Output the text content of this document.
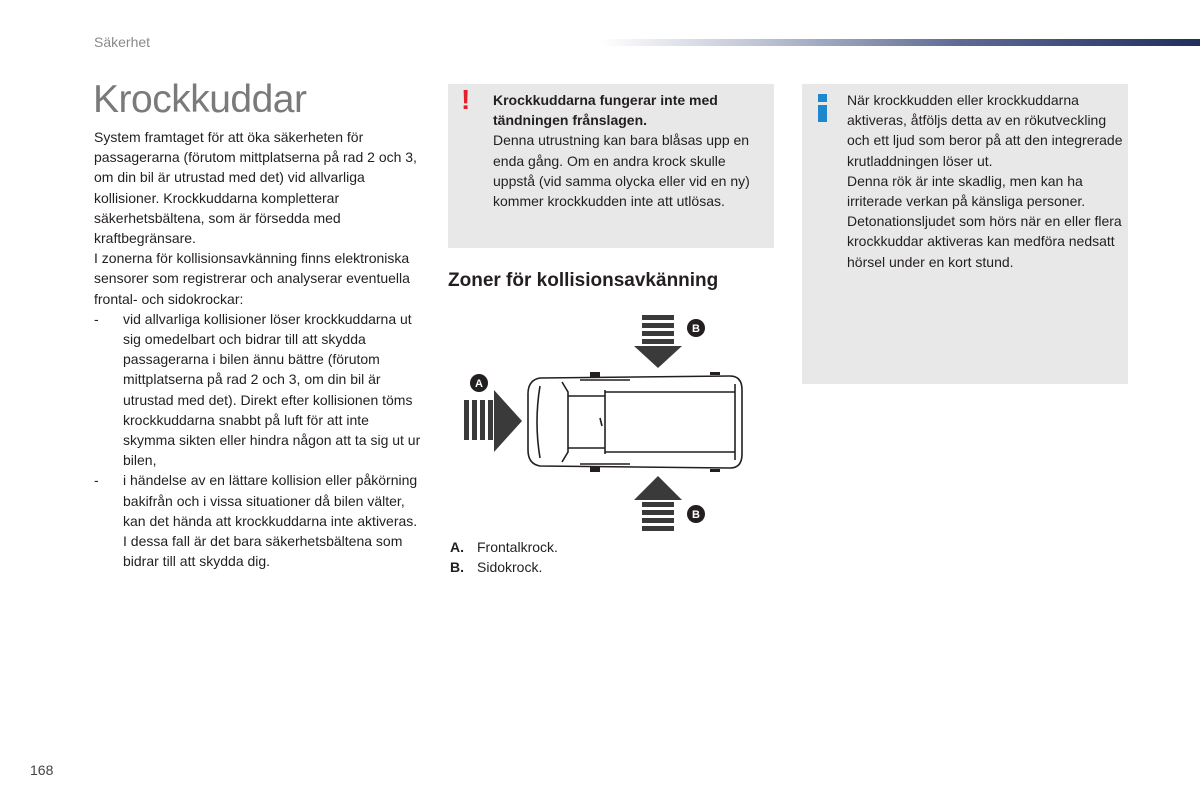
Säkerhet
Krockkuddar

System framtaget för att öka säkerheten för passagerarna (förutom mittplatserna på rad 2 och 3, om din bil är utrustad med det) vid allvarliga kollisioner. Krockkuddarna kompletterar säkerhetsbältena, som är försedda med kraftbegränsare.

I zonerna för kollisionsavkänning finns elektroniska sensorer som registrerar och analyserar eventuella frontal- och sidokrockar:

- vid allvarliga kollisioner löser krockkuddarna ut sig omedelbart och bidrar till att skydda passagerarna i bilen ännu bättre (förutom mittplatserna på rad 2 och 3, om din bil är utrustad med det). Direkt efter kollisionen töms krockkuddarna snabbt på luft för att inte skymma sikten eller hindra någon att ta sig ut ur bilen,
- i händelse av en lättare kollision eller påkörning bakifrån och i vissa situationer då bilen välter, kan det hända att krockkuddarna inte aktiveras. I dessa fall är det bara säkerhetsbältena som bidrar till att skydda dig.
! Krockkuddarna fungerar inte med tändningen frånslagen.
Denna utrustning kan bara blåsas upp en enda gång. Om en andra krock skulle uppstå (vid samma olycka eller vid en ny) kommer krockkudden inte att utlösas.
När krockkudden eller krockkuddarna aktiveras, åtföljs detta av en rökutveckling och ett ljud som beror på att den integrerade krutladdningen löser ut.
Denna rök är inte skadlig, men kan ha irriterade verkan på känsliga personer.
Detonationsljudet som hörs när en eller flera krockkuddar aktiveras kan medföra nedsatt hörsel under en kort stund.
Zoner för kollisionsavkänning
B
B
A
A. Frontalkrock.
B. Sidokrock.
168
